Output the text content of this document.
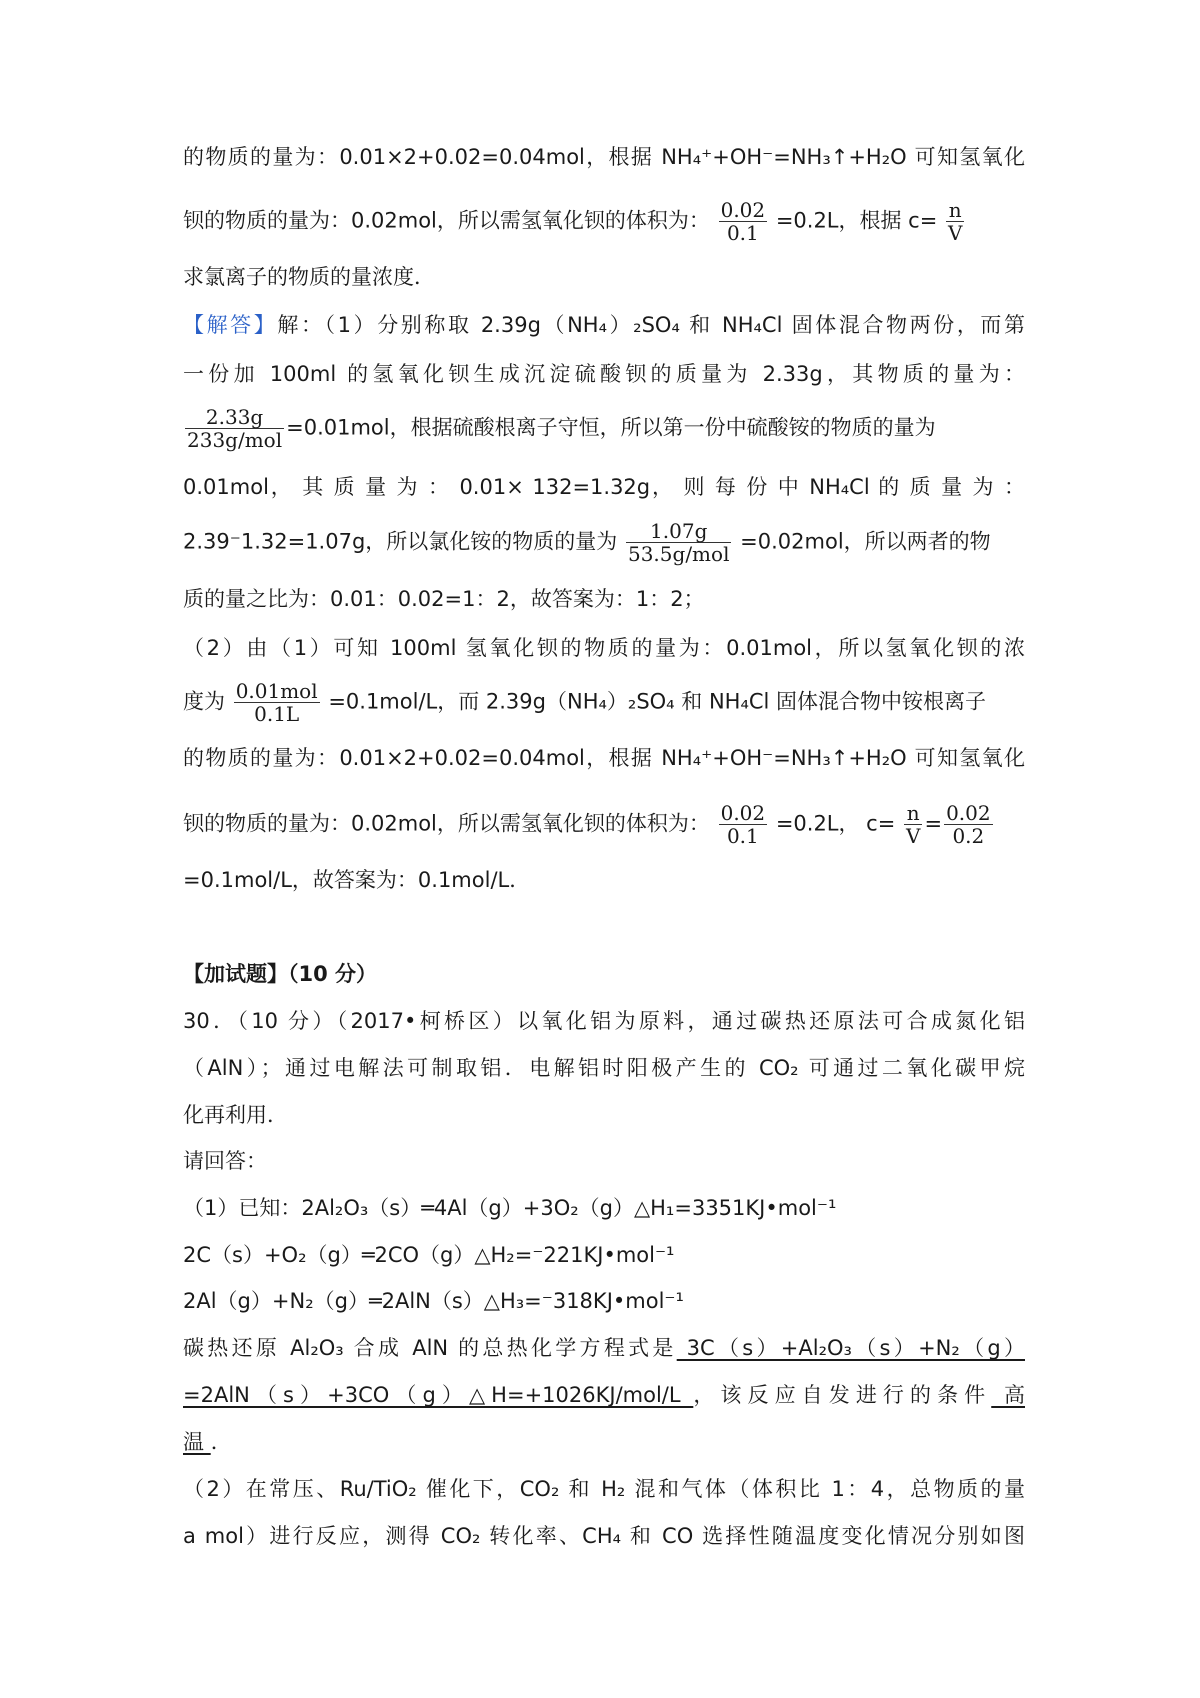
的物质的量为：0.01×2+0.02=0.04mol，根据 NH₄⁺+OH⁻=NH₃↑+H₂O 可知氢氧化
钡的物质的量为：0.02mol，所以需氢氧化钡的体积为： $\frac{0.02}{0.1} =0.2L$，根据 $c= \frac{n}{V}$
求氯离子的物质的量浓度．
【解答】解：（1）分别称取 2.39g（NH₄）₂SO₄ 和 NH₄Cl 固体混合物两份，而第
一份加 100ml 的氢氧化钡生成沉淀硫酸钡的质量为 2.33g，其物质的量为：
$\frac{2.33g}{\text{233g/mol}} =0.01mol$，根据硫酸根离子守恒，所以第一份中硫酸铵的物质的量为
0.01mol， 其 质 量 为 ： 0.01× 132=1.32g， 则 每 份 中 NH₄Cl 的 质 量 为 ：
2.39⁻1.32=1.07g，所以氯化铵的物质的量为 $\frac{1.07g}{\text{53.5g/mol}} =0.02mol$，所以两者的物
质的量之比为：0.01：0.02=1：2，故答案为：1：2；
（2）由（1）可知 100ml 氢氧化钡的物质的量为：0.01mol，所以氢氧化钡的浓
度为 $\frac{\text{0.01mol}}{0.1L} =0.1mol/L$，而 2.39g（NH₄）₂SO₄ 和 NH₄Cl 固体混合物中铵根离子
的物质的量为：0.01×2+0.02=0.04mol，根据 NH₄⁺+OH⁻=NH₃↑+H₂O 可知氢氧化
钡的物质的量为：0.02mol，所以需氢氧化钡的体积为： $\frac{0.02}{0.1} =0.2L$， $c= \frac{n}{V} = \frac{0.02}{0.2}$
=0.1mol/L，故答案为：0.1mol/L．
【加试题】（10 分）
30．（10 分）（2017•柯桥区）以氧化铝为原料，通过碳热还原法可合成氮化铝
（AlN）；通过电解法可制取铝．电解铝时阳极产生的 CO₂ 可通过二氧化碳甲烷
化再利用．
请回答：
（1）已知：2Al₂O₃（s）═4Al（g）+3O₂（g）△H₁=3351KJ•mol⁻¹
2C（s）+O₂（g）═2CO（g）△H₂=⁻221KJ•mol⁻¹
2Al（g）+N₂（g）═2AlN（s）△H₃=⁻318KJ•mol⁻¹
碳热还原 Al₂O₃ 合成 AlN 的总热化学方程式是 3C（s）+Al₂O₃（s）+N₂（g）
=2AlN（s）+3CO（g）△H=+1026KJ/mol/L ，该反应自发进行的条件 高
温 ．
（2）在常压、Ru/TiO₂ 催化下，CO₂ 和 H₂ 混和气体（体积比 1：4，总物质的量
a mol）进行反应，测得 CO₂ 转化率、CH₄ 和 CO 选择性随温度变化情况分别如图
